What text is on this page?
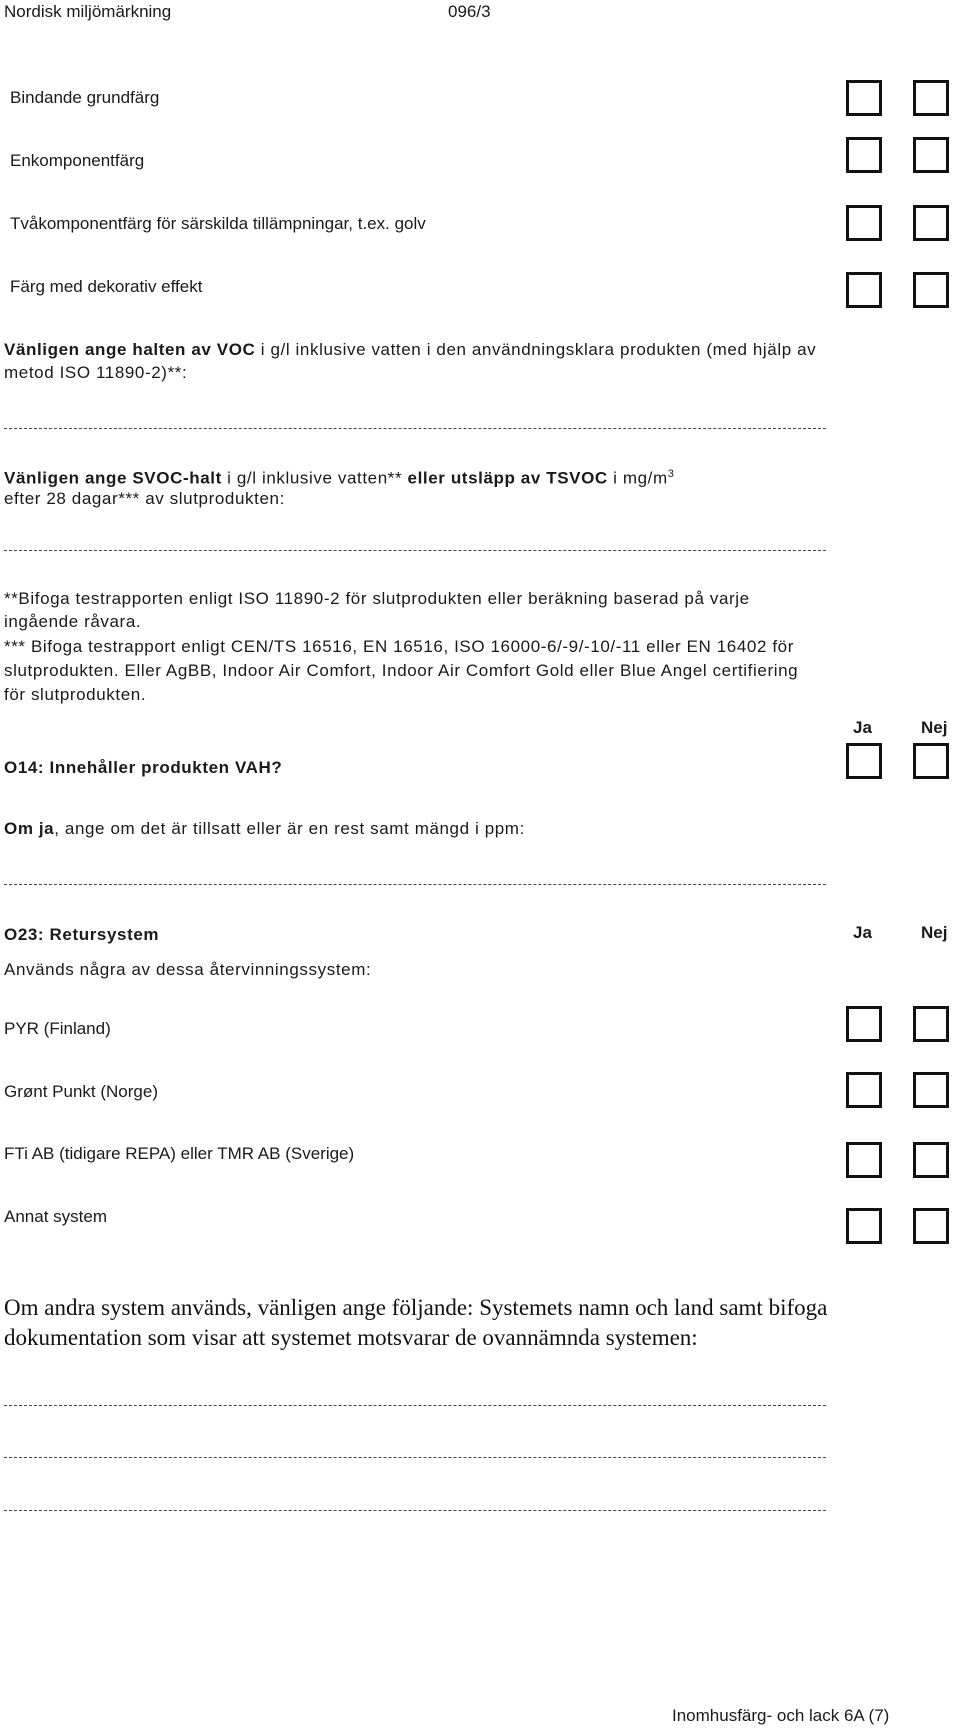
Nordisk miljömärkning	096/3
Bindande grundfärg
Enkomponentfärg
Tvåkomponentfärg för särskilda tillämpningar, t.ex. golv
Färg med dekorativ effekt
Vänligen ange halten av VOC i g/l inklusive vatten i den användningsklara produkten (med hjälp av metod ISO 11890-2)**:
Vänligen ange SVOC-halt i g/l inklusive vatten** eller utsläpp av TSVOC i $mg/m^3$
efter 28 dagar*** av slutprodukten:
**Bifoga testrapporten enligt ISO 11890-2 för slutprodukten eller beräkning baserad på varje ingående råvara.
*** Bifoga testrapport enligt CEN/TS 16516, EN 16516, ISO 16000-6/-9/-10/-11 eller EN 16402 för slutprodukten. Eller AgBB, Indoor Air Comfort, Indoor Air Comfort Gold eller Blue Angel certifiering för slutprodukten.
Ja	Nej
O14: Innehåller produkten VAH?
Om ja, ange om det är tillsatt eller är en rest samt mängd i ppm:
O23: Retursystem	Ja	Nej
Används några av dessa återvinningssystem:
PYR (Finland)
Grønt Punkt (Norge)
FTi AB (tidigare REPA) eller TMR AB (Sverige)
Annat system
Om andra system används, vänligen ange följande: Systemets namn och land samt bifoga dokumentation som visar att systemet motsvarar de ovannämnda systemen:
Inomhusfärg- och lack 6A (7)
